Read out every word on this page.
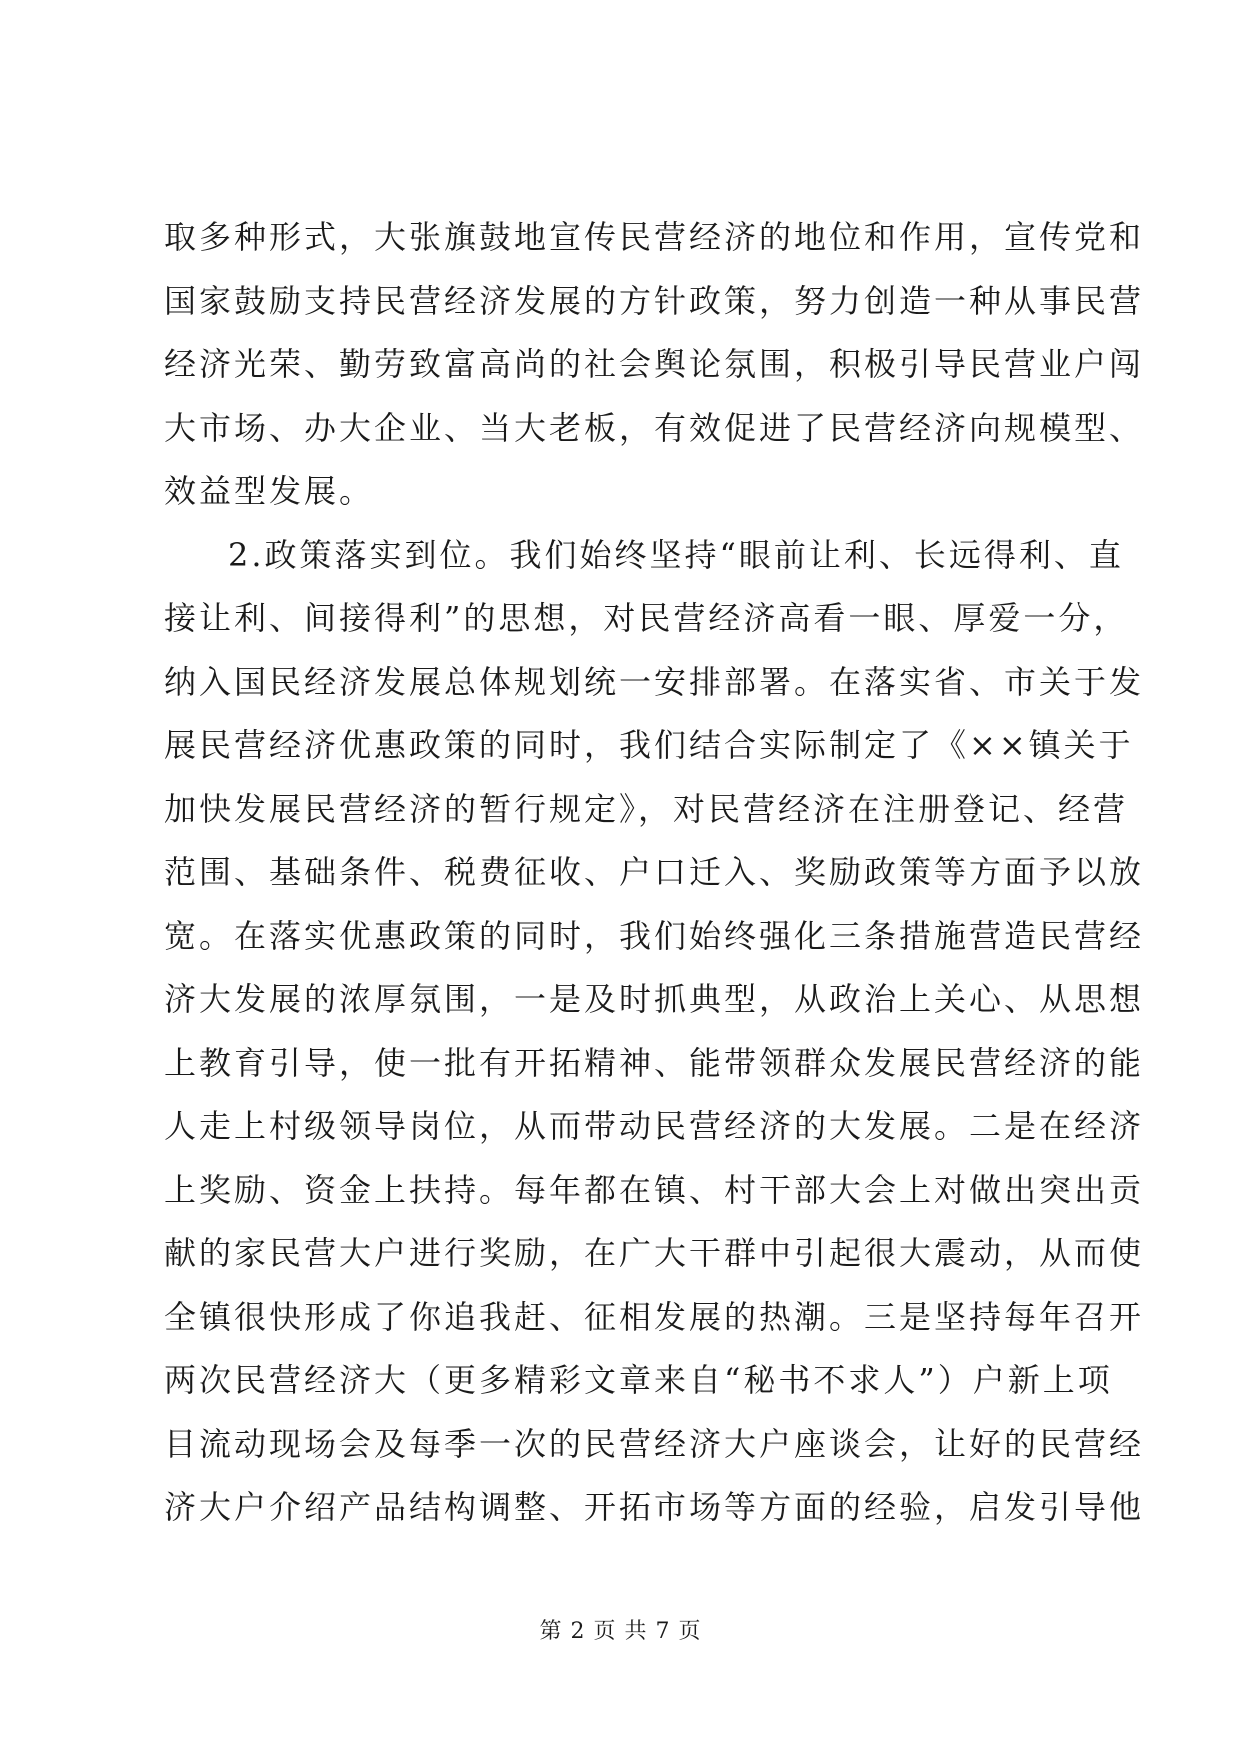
取多种形式，大张旗鼓地宣传民营经济的地位和作用，宣传党和
国家鼓励支持民营经济发展的方针政策，努力创造一种从事民营
经济光荣、勤劳致富高尚的社会舆论氛围，积极引导民营业户闯
大市场、办大企业、当大老板，有效促进了民营经济向规模型、
效益型发展。
2.政策落实到位。我们始终坚持“眼前让利、长远得利、直
接让利、间接得利”的思想，对民营经济高看一眼、厚爱一分，
纳入国民经济发展总体规划统一安排部署。在落实省、市关于发
展民营经济优惠政策的同时，我们结合实际制定了《××镇关于
加快发展民营经济的暂行规定》，对民营经济在注册登记、经营
范围、基础条件、税费征收、户口迁入、奖励政策等方面予以放
宽。在落实优惠政策的同时，我们始终强化三条措施营造民营经
济大发展的浓厚氛围，一是及时抓典型，从政治上关心、从思想
上教育引导，使一批有开拓精神、能带领群众发展民营经济的能
人走上村级领导岗位，从而带动民营经济的大发展。二是在经济
上奖励、资金上扶持。每年都在镇、村干部大会上对做出突出贡
献的家民营大户进行奖励，在广大干群中引起很大震动，从而使
全镇很快形成了你追我赶、征相发展的热潮。三是坚持每年召开
两次民营经济大（更多精彩文章来自“秘书不求人”）户新上项
目流动现场会及每季一次的民营经济大户座谈会，让好的民营经
济大户介绍产品结构调整、开拓市场等方面的经验，启发引导他
第 2 页 共 7 页
